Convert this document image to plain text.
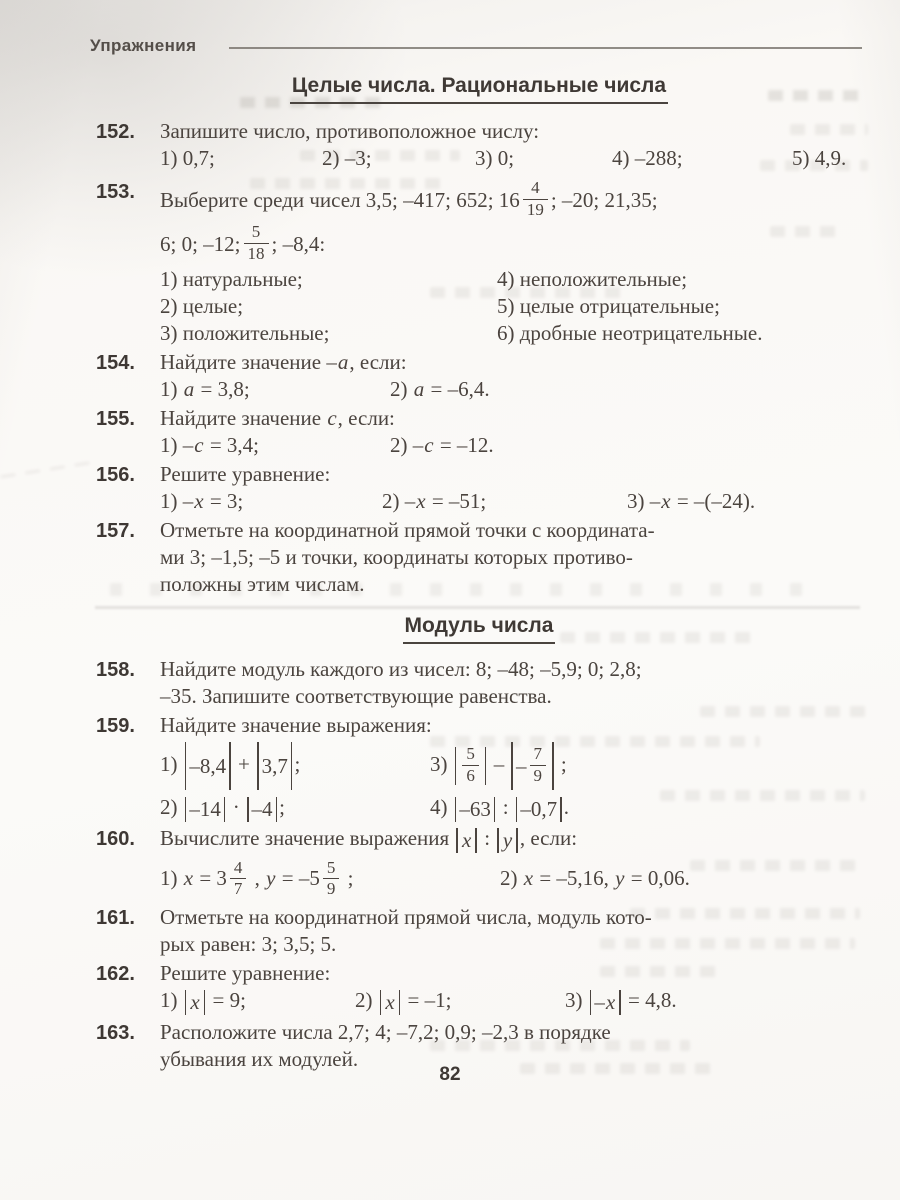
Упражнения
Целые числа. Рациональные числа
152.	Запишите число, противоположное числу:
1) 0,7;	2) –3;	3) 0;	4) –288;	5) 4,9.
153.	Выберите среди чисел 3,5; –417; 652; $16 \frac{4}{19}$ ; –20; 21,35;
6; 0; –12; $\frac{5}{18}$ ; –8,4:
1) натуральные;	4) неположительные;
2) целые;	5) целые отрицательные;
3) положительные;	6) дробные неотрицательные.
154.	Найдите значение –a, если:
1) a = 3,8;	2) a = –6,4.
155.	Найдите значение c, если:
1) –c = 3,4;	2) –c = –12.
156.	Решите уравнение:
1) –x = 3;	2) –x = –51;	3) –x = –(–24).
157.	Отметьте на координатной прямой точки с координата-
ми 3; –1,5; –5 и точки, координаты которых противо-
положны этим числам.
Модуль числа
158.	Найдите модуль каждого из чисел: 8; –48; –5,9; 0; 2,8;
–35. Запишите соответствующие равенства.
159.	Найдите значение выражения:
1) –8,4 + 3,7 ;	$3) \frac{5}{6}$ – – $\frac{7}{9}$ ;
2) –14 · –4 ;	4) –63 : –0,7 .
160.	Вычислите значение выражения x : y , если:
1) $x = 3 \frac{4}{7}$ , $y = -5 \frac{5}{9}$ ;	2) x = –5,16, y = 0,06.
161.	Отметьте на координатной прямой числа, модуль кото-
рых равен: 3; 3,5; 5.
162.	Решите уравнение:
1) x = 9;	2) x = –1;	3) – x = 4,8.
163.	Расположите числа 2,7; 4; –7,2; 0,9; –2,3 в порядке
убывания их модулей.
82
